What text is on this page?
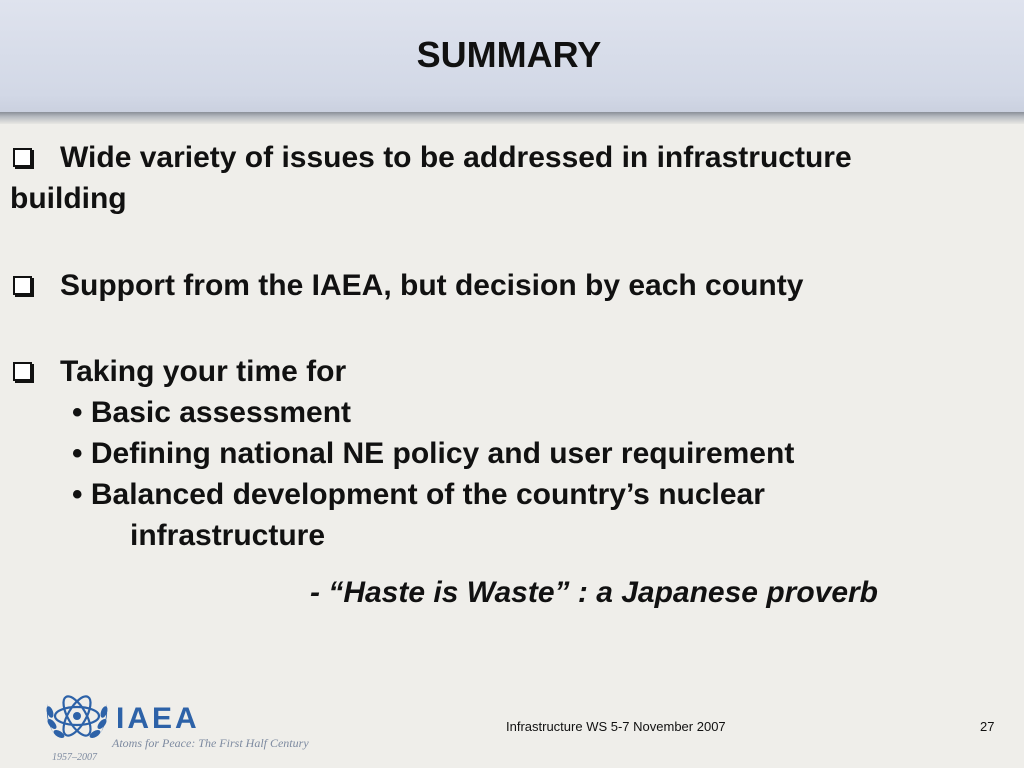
SUMMARY
Wide variety of issues to be addressed in infrastructure
building
Support from the IAEA, but decision by each county
Taking your time for
• Basic assessment
• Defining national NE policy and user requirement
• Balanced development of the country’s nuclear
infrastructure
- “Haste is Waste” : a Japanese proverb
IAEA
Atoms for Peace: The First Half Century
1957–2007
Infrastructure WS 5-7 November 2007	27
